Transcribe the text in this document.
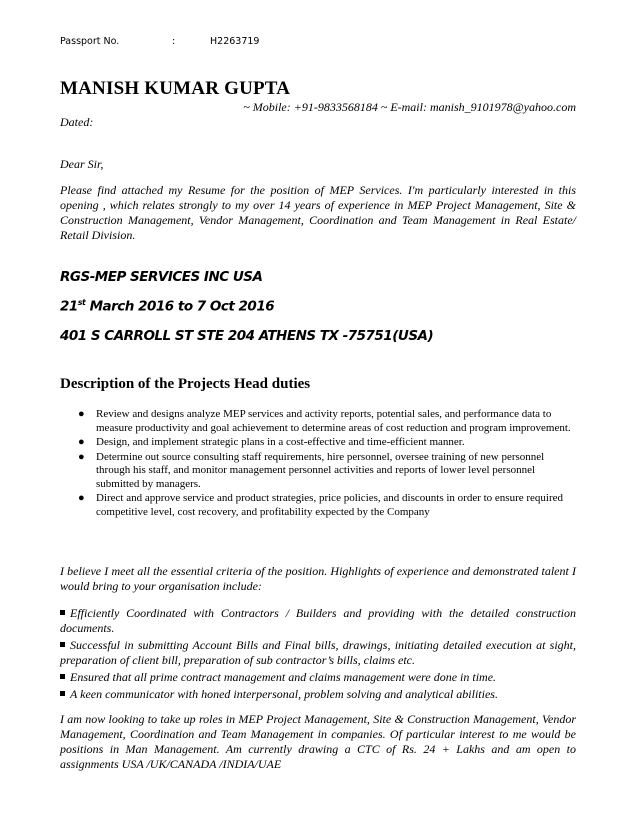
Passport No.	:	H2263719
MANISH KUMAR GUPTA
~ Mobile: +91-9833568184 ~ E-mail: manish_9101978@yahoo.com
Dated:
Dear Sir,

Please find attached my Resume for the position of MEP Services. I'm particularly interested in this opening , which relates strongly to my over 14 years of experience in MEP Project Management, Site & Construction Management, Vendor Management, Coordination and Team Management in Real Estate/ Retail Division.

RGS-MEP SERVICES INC USA
21st March 2016 to 7 Oct 2016
401 S CARROLL ST STE 204 ATHENS TX -75751(USA)
Description of the Projects Head duties
● Review and designs analyze MEP services and activity reports, potential sales, and performance data to measure productivity and goal achievement to determine areas of cost reduction and program improvement.
● Design, and implement strategic plans in a cost-effective and time-efficient manner.
● Determine out source consulting staff requirements, hire personnel, oversee training of new personnel through his staff, and monitor management personnel activities and reports of lower level personnel submitted by managers.
● Direct and approve service and product strategies, price policies, and discounts in order to ensure required competitive level, cost recovery, and profitability expected by the Company

I believe I meet all the essential criteria of the position. Highlights of experience and demonstrated talent I would bring to your organisation include:

Efficiently Coordinated with Contractors / Builders and providing with the detailed construction documents.
Successful in submitting Account Bills and Final bills, drawings, initiating detailed execution at sight, preparation of client bill, preparation of sub contractor’s bills, claims etc.
Ensured that all prime contract management and claims management were done in time.
A keen communicator with honed interpersonal, problem solving and analytical abilities.

I am now looking to take up roles in MEP Project Management, Site & Construction Management, Vendor Management, Coordination and Team Management in companies. Of particular interest to me would be positions in Man Management. Am currently drawing a CTC of Rs. 24 + Lakhs and am open to assignments USA /UK/CANADA /INDIA/UAE
